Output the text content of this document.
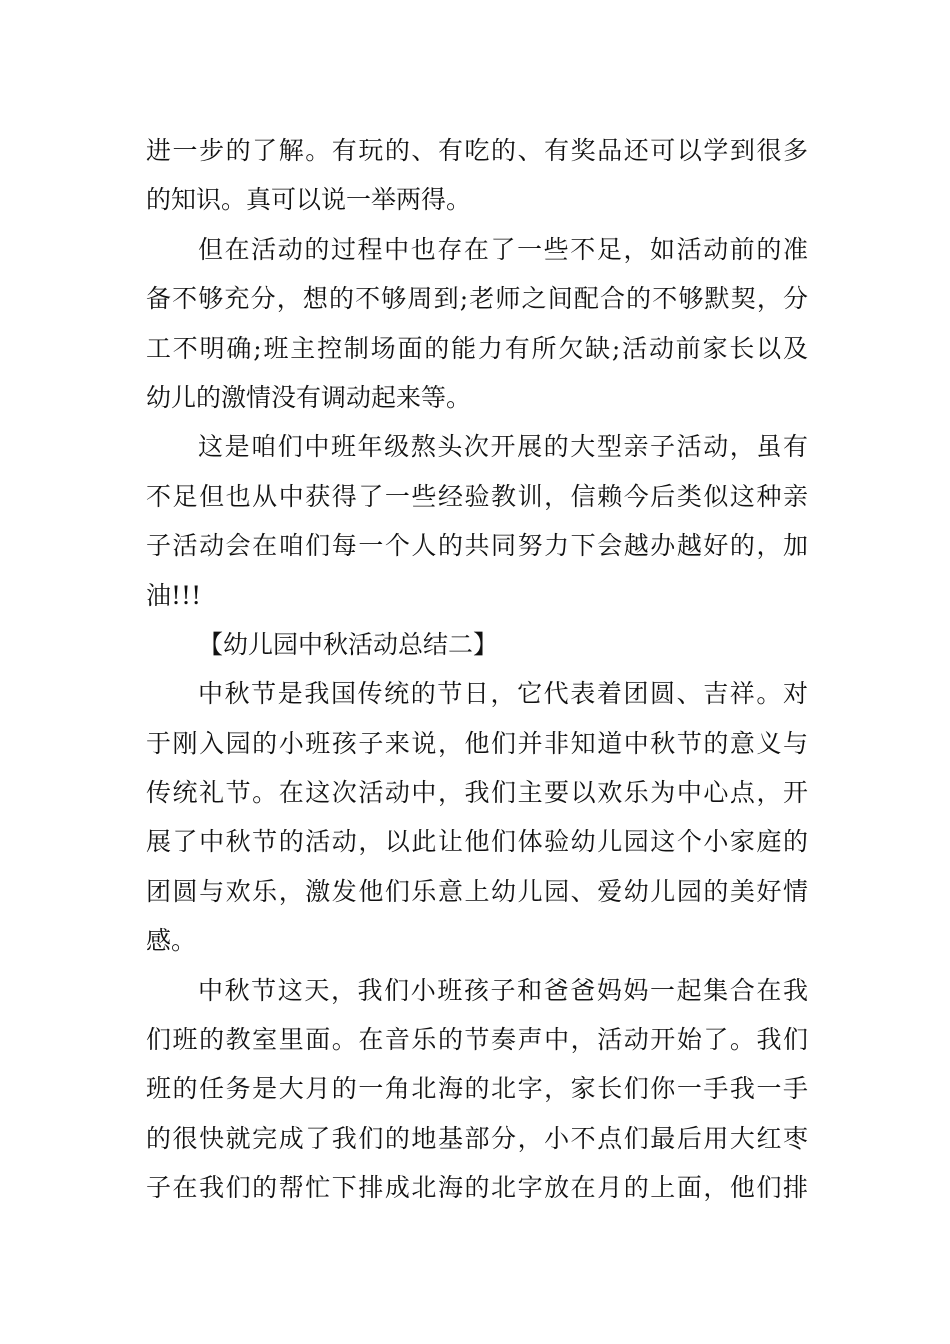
进一步的了解。有玩的、有吃的、有奖品还可以学到很多
的知识。真可以说一举两得。
但在活动的过程中也存在了一些不足，如活动前的准
备不够充分，想的不够周到;老师之间配合的不够默契，分
工不明确;班主控制场面的能力有所欠缺;活动前家长以及
幼儿的激情没有调动起来等。
这是咱们中班年级熬头次开展的大型亲子活动，虽有
不足但也从中获得了一些经验教训，信赖今后类似这种亲
子活动会在咱们每一个人的共同努力下会越办越好的，加
油!!!
【幼儿园中秋活动总结二】
中秋节是我国传统的节日，它代表着团圆、吉祥。对
于刚入园的小班孩子来说，他们并非知道中秋节的意义与
传统礼节。在这次活动中，我们主要以欢乐为中心点，开
展了中秋节的活动，以此让他们体验幼儿园这个小家庭的
团圆与欢乐，激发他们乐意上幼儿园、爱幼儿园的美好情
感。
中秋节这天，我们小班孩子和爸爸妈妈一起集合在我
们班的教室里面。在音乐的节奏声中，活动开始了。我们
班的任务是大月的一角北海的北字，家长们你一手我一手
的很快就完成了我们的地基部分，小不点们最后用大红枣
子在我们的帮忙下排成北海的北字放在月的上面，他们排
